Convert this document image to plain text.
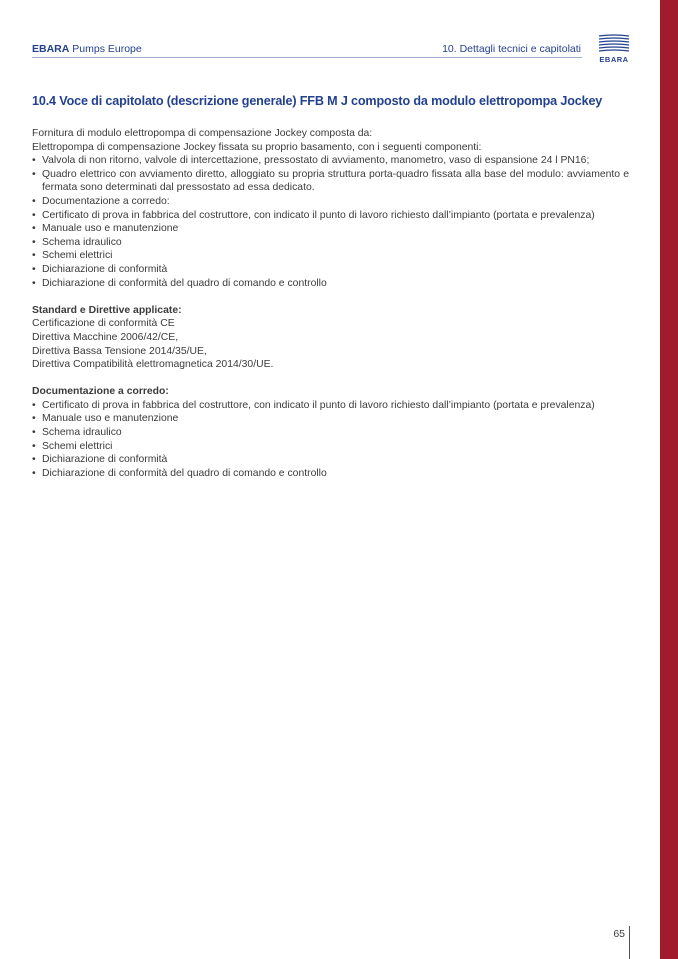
EBARA Pumps Europe	10. Dettagli tecnici e capitolati
EBARA
10.4 Voce di capitolato (descrizione generale) FFB M J composto da modulo elettropompa Jockey

Fornitura di modulo elettropompa di compensazione Jockey composta da:

Elettropompa di compensazione Jockey fissata su proprio basamento, con i seguenti componenti:

• Valvola di non ritorno, valvole di intercettazione, pressostato di avviamento, manometro, vaso di espansione 24 l PN16;
• Quadro elettrico con avviamento diretto, alloggiato su propria struttura porta-quadro fissata alla base del modulo: avviamento e fermata sono determinati dal pressostato ad essa dedicato.
• Documentazione a corredo:
• Certificato di prova in fabbrica del costruttore, con indicato il punto di lavoro richiesto dall’impianto (portata e prevalenza)
• Manuale uso e manutenzione
• Schema idraulico
• Schemi elettrici
• Dichiarazione di conformità
• Dichiarazione di conformità del quadro di comando e controllo

Standard e Direttive applicate:

Certificazione di conformità CE

Direttiva Macchine 2006/42/CE,

Direttiva Bassa Tensione 2014/35/UE,

Direttiva Compatibilità elettromagnetica 2014/30/UE.

Documentazione a corredo:

• Certificato di prova in fabbrica del costruttore, con indicato il punto di lavoro richiesto dall’impianto (portata e prevalenza)
• Manuale uso e manutenzione
• Schema idraulico
• Schemi elettrici
• Dichiarazione di conformità
• Dichiarazione di conformità del quadro di comando e controllo
65
